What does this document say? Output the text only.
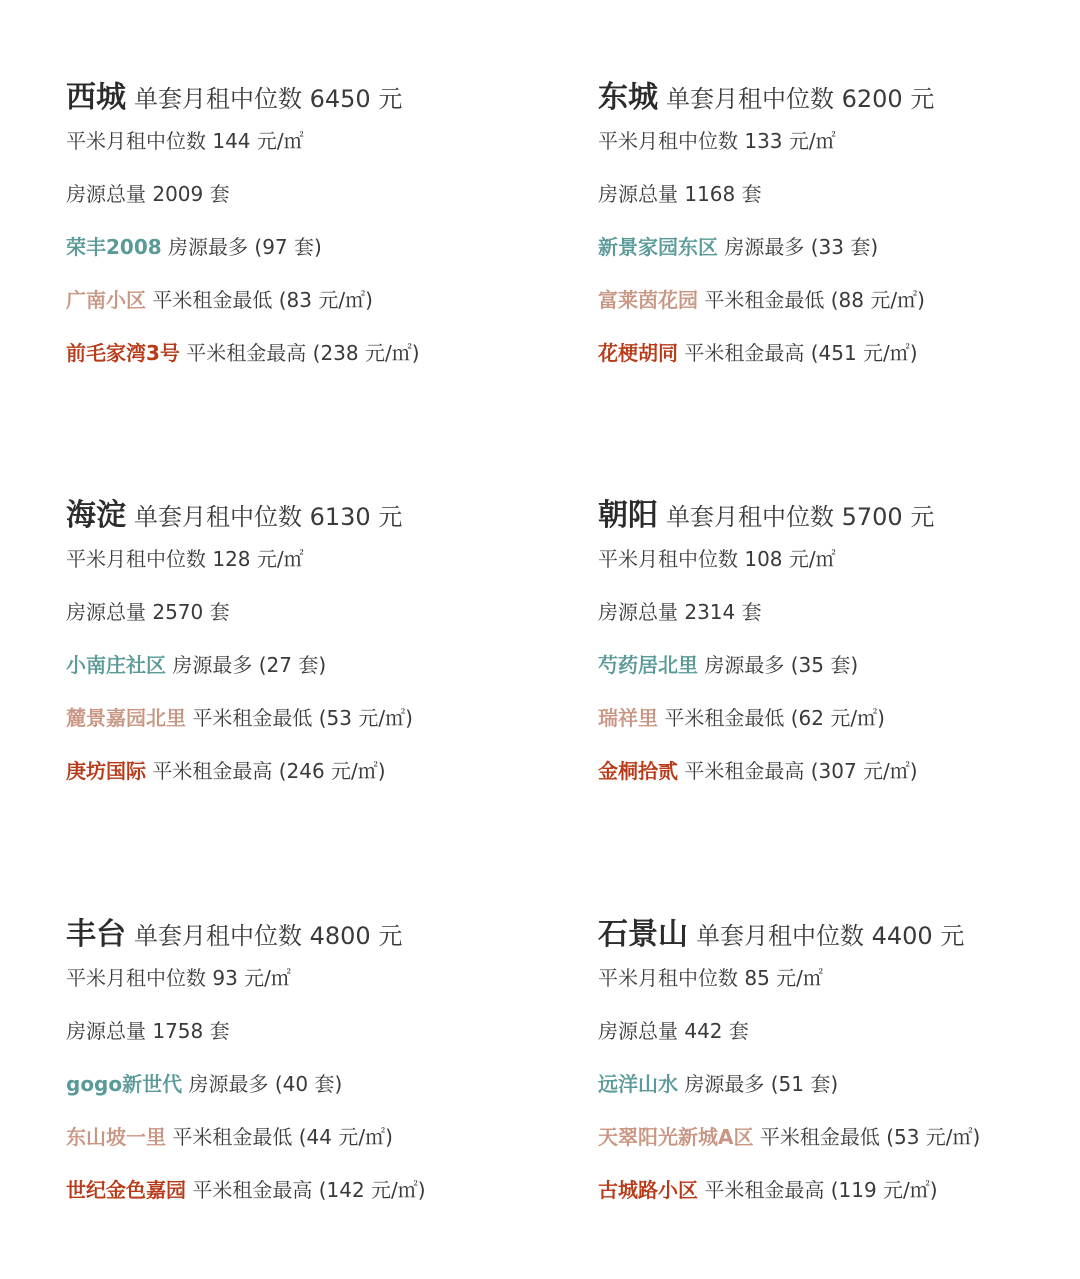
西城 单套月租中位数 6450 元
平米月租中位数 144 元/㎡
房源总量 2009 套
荣丰2008 房源最多 (97 套)
广南小区 平米租金最低 (83 元/㎡)
前毛家湾3号 平米租金最高 (238 元/㎡)
东城 单套月租中位数 6200 元
平米月租中位数 133 元/㎡
房源总量 1168 套
新景家园东区 房源最多 (33 套)
富莱茵花园 平米租金最低 (88 元/㎡)
花梗胡同 平米租金最高 (451 元/㎡)
海淀 单套月租中位数 6130 元
平米月租中位数 128 元/㎡
房源总量 2570 套
小南庄社区 房源最多 (27 套)
麓景嘉园北里 平米租金最低 (53 元/㎡)
庚坊国际 平米租金最高 (246 元/㎡)
朝阳 单套月租中位数 5700 元
平米月租中位数 108 元/㎡
房源总量 2314 套
芍药居北里 房源最多 (35 套)
瑞祥里 平米租金最低 (62 元/㎡)
金桐拾贰 平米租金最高 (307 元/㎡)
丰台 单套月租中位数 4800 元
平米月租中位数 93 元/㎡
房源总量 1758 套
gogo新世代 房源最多 (40 套)
东山坡一里 平米租金最低 (44 元/㎡)
世纪金色嘉园 平米租金最高 (142 元/㎡)
石景山 单套月租中位数 4400 元
平米月租中位数 85 元/㎡
房源总量 442 套
远洋山水 房源最多 (51 套)
天翠阳光新城A区 平米租金最低 (53 元/㎡)
古城路小区 平米租金最高 (119 元/㎡)
